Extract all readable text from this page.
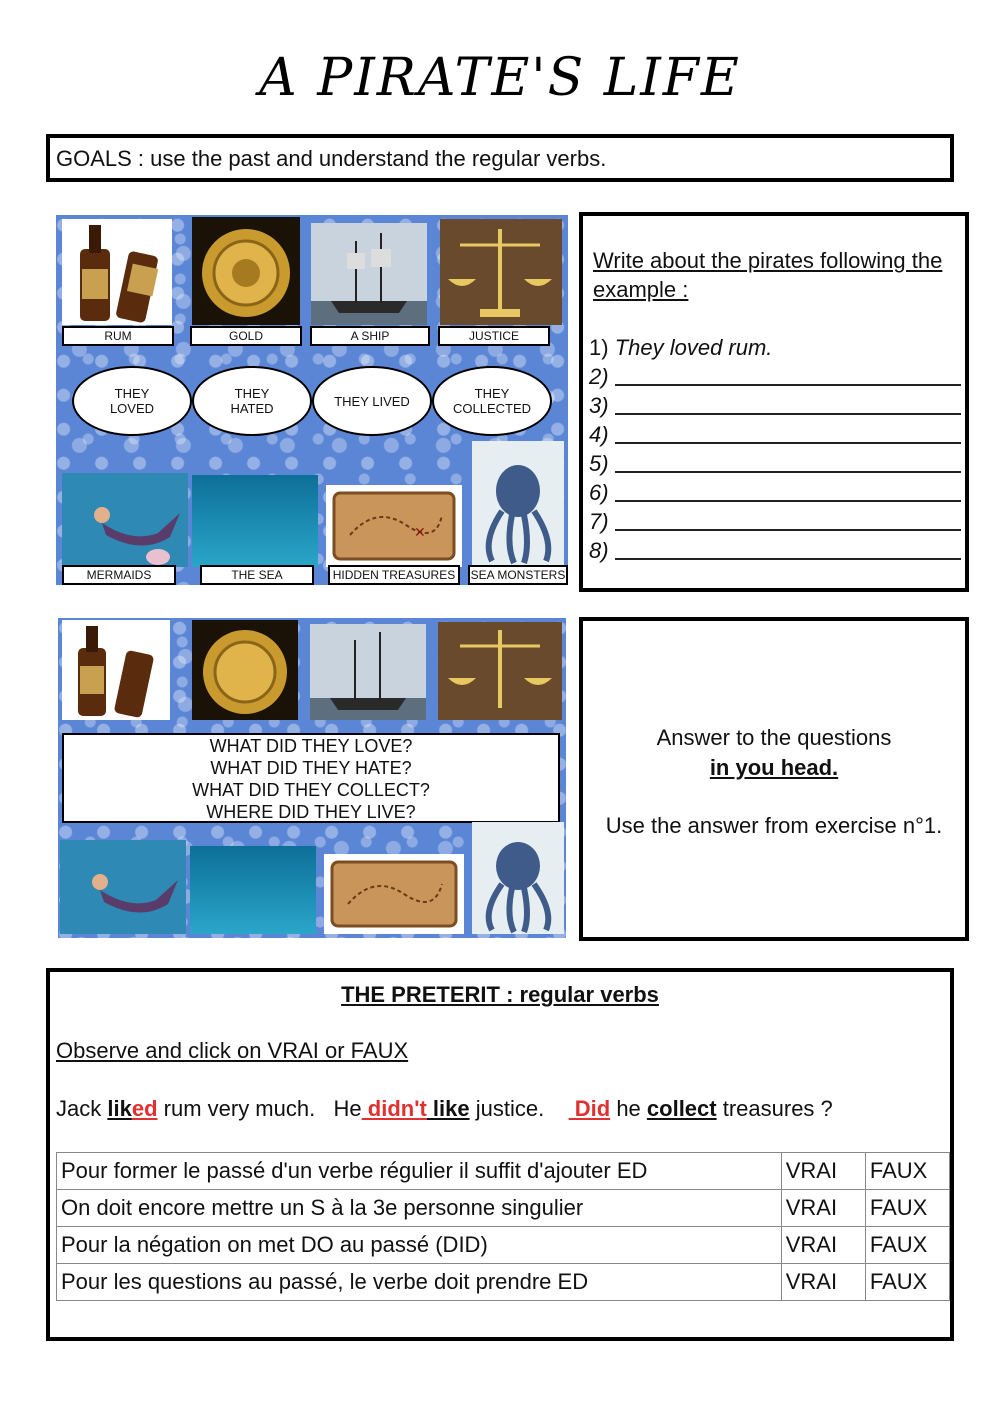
A PIRATE'S LIFE
GOALS : use the past and understand the regular verbs.
RUM	GOLD	A SHIP	JUSTICE
THEY
LOVED
THEY
HATED	THEY LIVED	THEY
COLLECTED
✕
MERMAIDS	THE SEA	HIDDEN TREASURES	SEA MONSTERS
Write about the pirates following the example :
1)
They loved rum.
2)
3)
4)
5)
6)
7)
8)
WHAT DID THEY LOVE?
WHAT DID THEY HATE?
WHAT DID THEY COLLECT?
WHERE DID THEY LIVE?
Answer to the questions
in you head.
Use the answer from exercise n°1.
THE PRETERIT : regular verbs
Observe and click on VRAI or FAUX
Jack liked rum very much.   He didn't like justice.     Did he collect treasures ?
Pour former le passé d'un verbe régulier il suffit d'ajouter ED	VRAI	FAUX
On doit encore mettre un S à la 3e personne singulier	VRAI	FAUX
Pour la négation on met DO au passé (DID)	VRAI	FAUX
Pour les questions au passé, le verbe doit prendre ED	VRAI	FAUX
